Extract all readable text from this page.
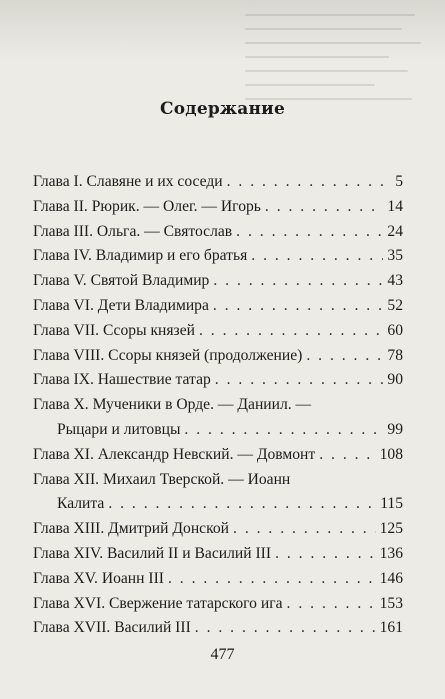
Содержание
Глава I. Славяне и их соседи . . .	5
Глава II. Рюрик. — Олег. — Игорь . . .	14
Глава III. Ольга. — Святослав . . .	24
Глава IV. Владимир и его братья . . .	35
Глава V. Святой Владимир . . .	43
Глава VI. Дети Владимира . . .	52
Глава VII. Ссоры князей . . .	60
Глава VIII. Ссоры князей (продолжение) . . .	78
Глава IX. Нашествие татар . . .	90
Глава X. Мученики в Орде. — Даниил. —
Рыцари и литовцы . . .	99
Глава XI. Александр Невский. — Довмонт . . .	108
Глава XII. Михаил Тверской. — Иоанн
Калита . . .	115
Глава XIII. Дмитрий Донской . . .	125
Глава XIV. Василий II и Василий III . . .	136
Глава XV. Иоанн III . . .	146
Глава XVI. Свержение татарского ига . . .	153
Глава XVII. Василий III . . .	161
477
